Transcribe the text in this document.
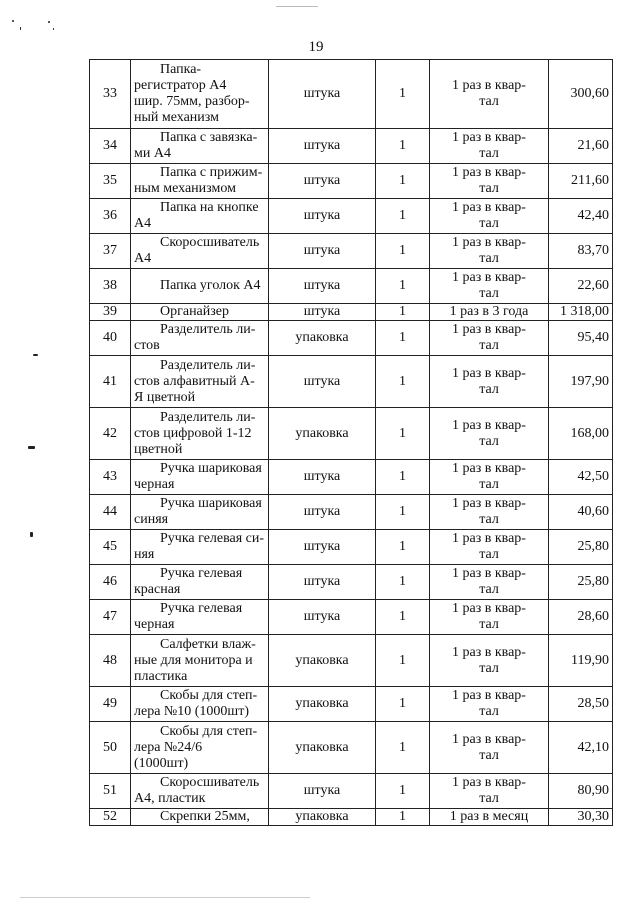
19
33	Папка-
регистратор А4
шир. 75мм, разбор-
ный механизм	штука	1	1 раз в квар-
тал	300,60
34	Папка с завязка-
ми А4	штука	1	1 раз в квар-
тал	21,60
35	Папка с прижим-
ным механизмом	штука	1	1 раз в квар-
тал	211,60
36	Папка на кнопке
А4	штука	1	1 раз в квар-
тал	42,40
37	Скоросшиватель
А4	штука	1	1 раз в квар-
тал	83,70
38	Папка уголок А4	штука	1	1 раз в квар-
тал	22,60
39	Органайзер	штука	1	1 раз в 3 года	1 318,00
40	Разделитель ли-
стов	упаковка	1	1 раз в квар-
тал	95,40
41	Разделитель ли-
стов алфавитный А-
Я цветной	штука	1	1 раз в квар-
тал	197,90
42	Разделитель ли-
стов цифровой 1-12
цветной	упаковка	1	1 раз в квар-
тал	168,00
43	Ручка шариковая
черная	штука	1	1 раз в квар-
тал	42,50
44	Ручка шариковая
синяя	штука	1	1 раз в квар-
тал	40,60
45	Ручка гелевая си-
няя	штука	1	1 раз в квар-
тал	25,80
46	Ручка гелевая
красная	штука	1	1 раз в квар-
тал	25,80
47	Ручка гелевая
черная	штука	1	1 раз в квар-
тал	28,60
48	Салфетки влаж-
ные для монитора и
пластика	упаковка	1	1 раз в квар-
тал	119,90
49	Скобы для степ-
лера №10 (1000шт)	упаковка	1	1 раз в квар-
тал	28,50
50	Скобы для степ-
лера №24/6
(1000шт)	упаковка	1	1 раз в квар-
тал	42,10
51	Скоросшиватель
А4, пластик	штука	1	1 раз в квар-
тал	80,90
52	Скрепки 25мм,	упаковка	1	1 раз в месяц	30,30
